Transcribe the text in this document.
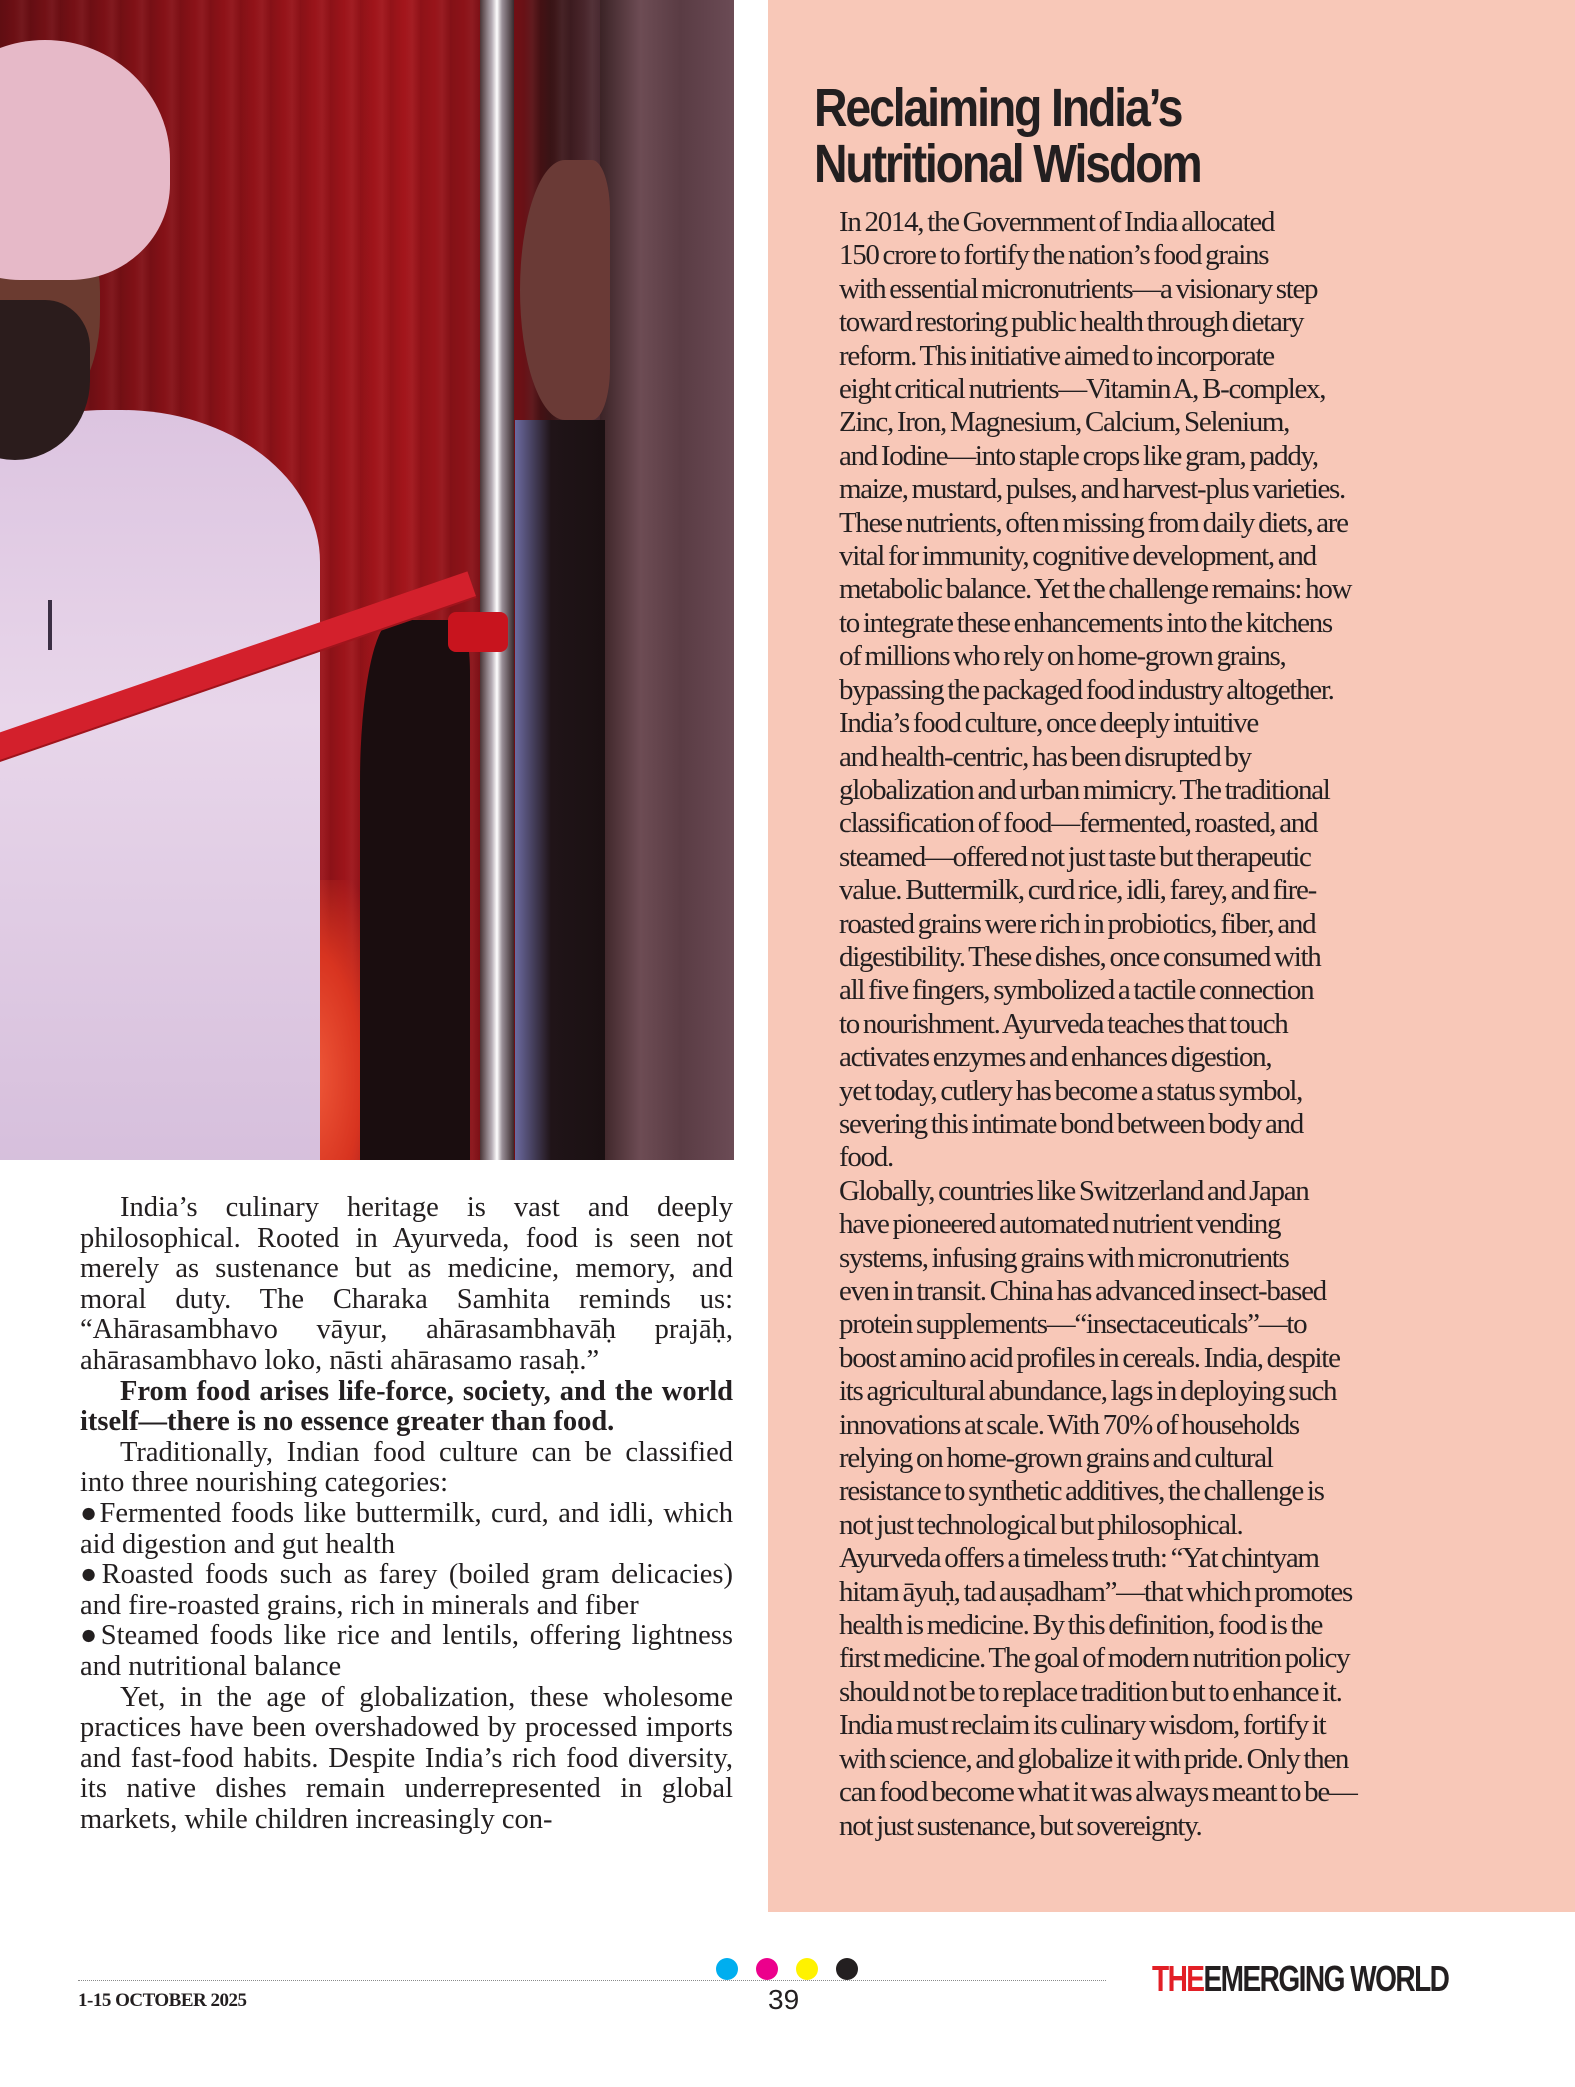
India’s culinary heritage is vast and deeply philosophical. Rooted in Ayurveda, food is seen not merely as sustenance but as medicine, memory, and moral duty. The Charaka Samhita reminds us: “Ahārasambhavo vāyur, ahārasambhavāḥ prajāḥ, ahārasambhavo loko, nāsti ahārasamo rasaḥ.”

From food arises life-force, society, and the world itself—there is no essence greater than food.

Traditionally, Indian food culture can be classified into three nourishing categories:

●Fermented foods like buttermilk, curd, and idli, which aid digestion and gut health

●Roasted foods such as farey (boiled gram delicacies) and fire-roasted grains, rich in minerals and fiber

●Steamed foods like rice and lentils, offering lightness and nutritional balance

Yet, in the age of globalization, these wholesome practices have been overshadowed by processed imports and fast-food habits. Despite India’s rich food diversity, its native dishes remain underrepresented in global markets, while children increasingly con-

Reclaiming India’s
Nutritional Wisdom

In 2014, the Government of India allocated
150 crore to fortify the nation’s food grains
with essential micronutrients—a visionary step
toward restoring public health through dietary
reform. This initiative aimed to incorporate
eight critical nutrients—Vitamin A, B-complex,
Zinc, Iron, Magnesium, Calcium, Selenium,
and Iodine—into staple crops like gram, paddy,
maize, mustard, pulses, and harvest-plus varieties.
These nutrients, often missing from daily diets, are
vital for immunity, cognitive development, and
metabolic balance. Yet the challenge remains: how
to integrate these enhancements into the kitchens
of millions who rely on home-grown grains,
bypassing the packaged food industry altogether.

India’s food culture, once deeply intuitive
and health-centric, has been disrupted by
globalization and urban mimicry. The traditional
classification of food—fermented, roasted, and
steamed—offered not just taste but therapeutic
value. Buttermilk, curd rice, idli, farey, and fire-
roasted grains were rich in probiotics, fiber, and
digestibility. These dishes, once consumed with
all five fingers, symbolized a tactile connection
to nourishment. Ayurveda teaches that touch
activates enzymes and enhances digestion,
yet today, cutlery has become a status symbol,
severing this intimate bond between body and
food.

Globally, countries like Switzerland and Japan
have pioneered automated nutrient vending
systems, infusing grains with micronutrients
even in transit. China has advanced insect-based
protein supplements—“insectaceuticals”—to
boost amino acid profiles in cereals. India, despite
its agricultural abundance, lags in deploying such
innovations at scale. With 70% of households
relying on home-grown grains and cultural
resistance to synthetic additives, the challenge is
not just technological but philosophical.

Ayurveda offers a timeless truth: “Yat chintyam
hitam āyuḥ, tad auṣadham”—that which promotes
health is medicine. By this definition, food is the
first medicine. The goal of modern nutrition policy
should not be to replace tradition but to enhance it.
India must reclaim its culinary wisdom, fortify it
with science, and globalize it with pride. Only then
can food become what it was always meant to be—
not just sustenance, but sovereignty.

1-15 OCTOBER 2025	39
THEEMERGING WORLD
